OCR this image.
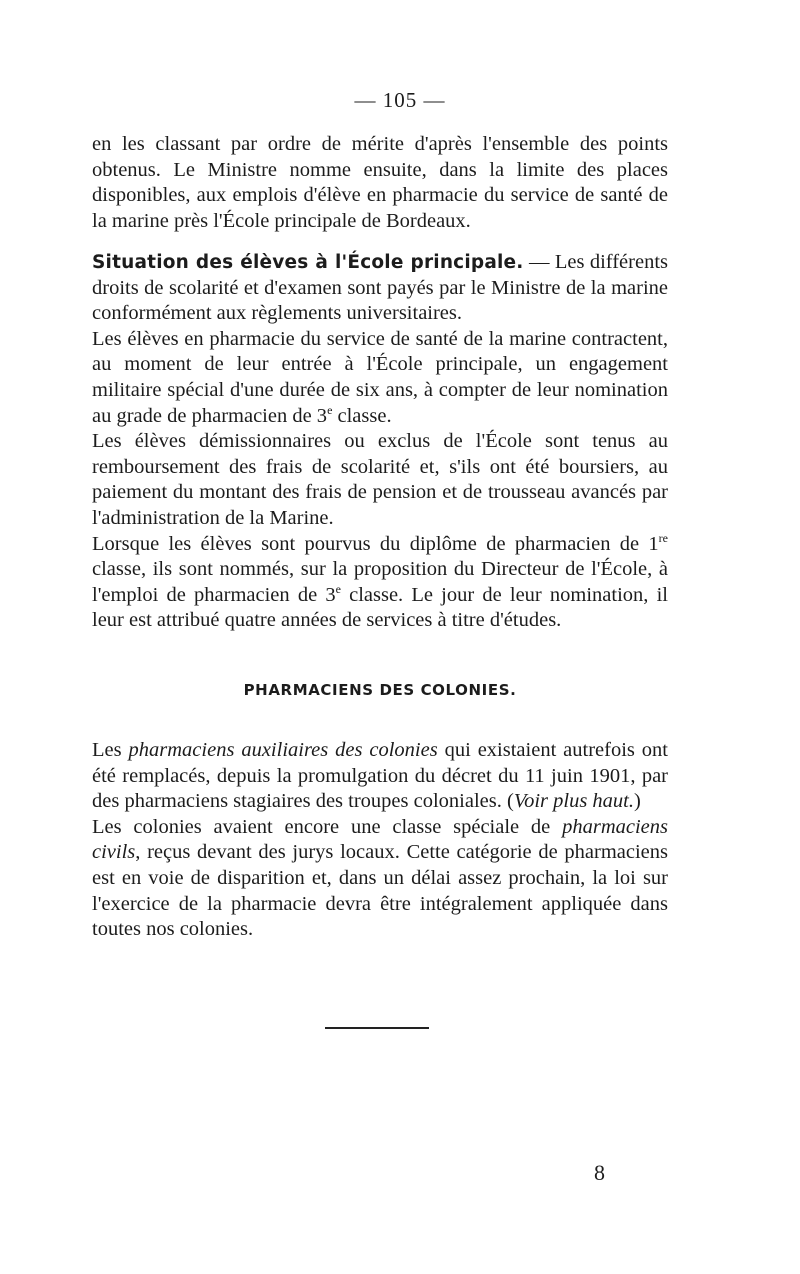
— 105 —

en les classant par ordre de mérite d'après l'ensemble des points obtenus. Le Ministre nomme ensuite, dans la limite des places disponibles, aux emplois d'élève en pharmacie du service de santé de la marine près l'École principale de Bordeaux.

Situation des élèves à l'École principale. — Les différents droits de scolarité et d'examen sont payés par le Ministre de la marine conformément aux règlements universitaires.

Les élèves en pharmacie du service de santé de la marine contractent, au moment de leur entrée à l'École principale, un engagement militaire spécial d'une durée de six ans, à compter de leur nomination au grade de pharmacien de 3e classe.

Les élèves démissionnaires ou exclus de l'École sont tenus au remboursement des frais de scolarité et, s'ils ont été boursiers, au paiement du montant des frais de pension et de trousseau avancés par l'administration de la Marine.

Lorsque les élèves sont pourvus du diplôme de pharmacien de 1re classe, ils sont nommés, sur la proposition du Directeur de l'École, à l'emploi de pharmacien de 3e classe. Le jour de leur nomination, il leur est attribué quatre années de services à titre d'études.

PHARMACIENS DES COLONIES.

Les pharmaciens auxiliaires des colonies qui existaient autrefois ont été remplacés, depuis la promulgation du décret du 11 juin 1901, par des pharmaciens stagiaires des troupes coloniales. (Voir plus haut.)

Les colonies avaient encore une classe spéciale de pharmaciens civils, reçus devant des jurys locaux. Cette catégorie de pharmaciens est en voie de disparition et, dans un délai assez prochain, la loi sur l'exercice de la pharmacie devra être intégralement appliquée dans toutes nos colonies.

8
